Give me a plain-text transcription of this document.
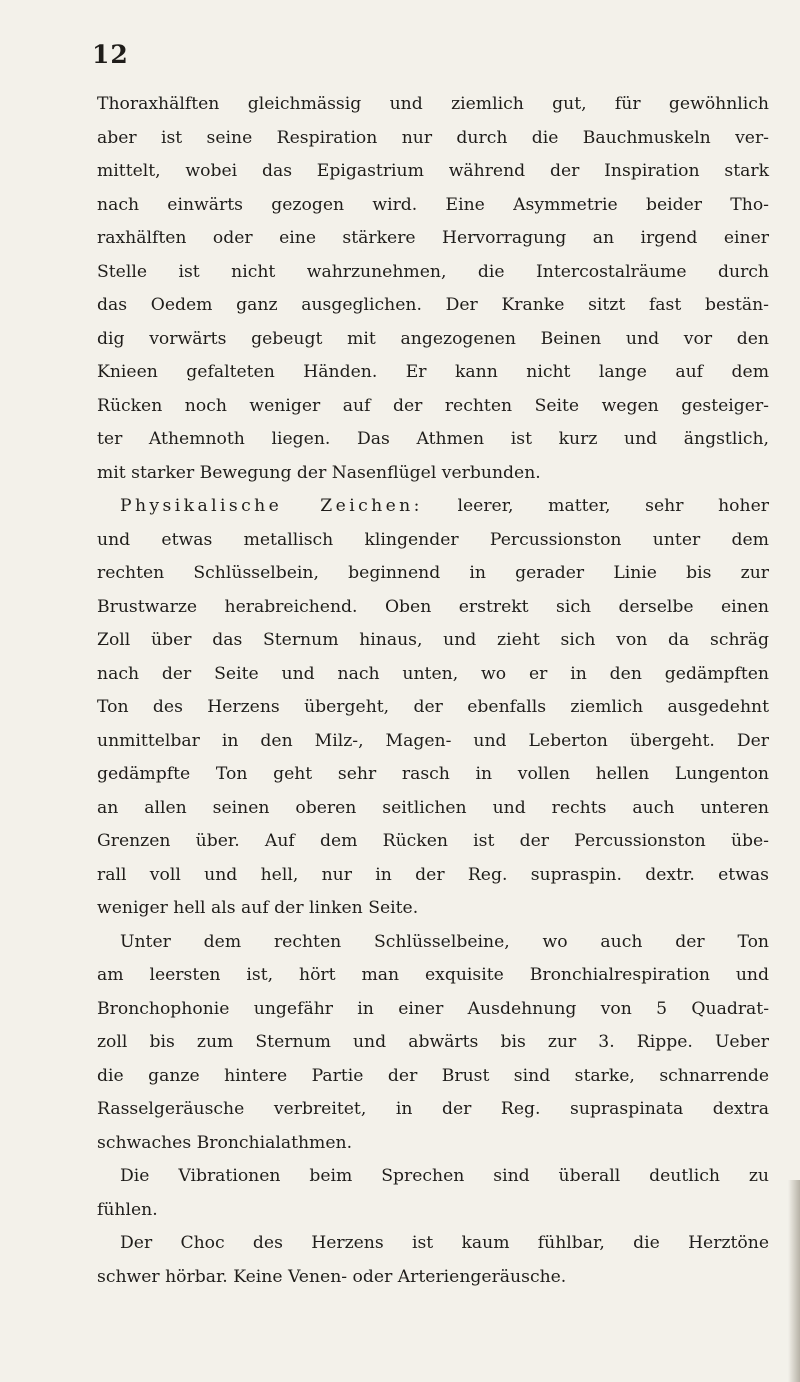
12
Thoraxhälften gleichmässig und ziemlich gut, für gewöhnlich
aber ist seine Respiration nur durch die Bauchmuskeln ver-
mittelt, wobei das Epigastrium während der Inspiration stark
nach einwärts gezogen wird. Eine Asymmetrie beider Tho-
raxhälften oder eine stärkere Hervorragung an irgend einer
Stelle ist nicht wahrzunehmen, die Intercostalräume durch
das Oedem ganz ausgeglichen. Der Kranke sitzt fast bestän-
dig vorwärts gebeugt mit angezogenen Beinen und vor den
Knieen gefalteten Händen. Er kann nicht lange auf dem
Rücken noch weniger auf der rechten Seite wegen gesteiger-
ter Athemnoth liegen. Das Athmen ist kurz und ängstlich,
mit starker Bewegung der Nasenflügel verbunden.
Physikalische Zeichen: leerer, matter, sehr hoher
und etwas metallisch klingender Percussionston unter dem
rechten Schlüsselbein, beginnend in gerader Linie bis zur
Brustwarze herabreichend. Oben erstrekt sich derselbe einen
Zoll über das Sternum hinaus, und zieht sich von da schräg
nach der Seite und nach unten, wo er in den gedämpften
Ton des Herzens übergeht, der ebenfalls ziemlich ausgedehnt
unmittelbar in den Milz-, Magen- und Leberton übergeht. Der
gedämpfte Ton geht sehr rasch in vollen hellen Lungenton
an allen seinen oberen seitlichen und rechts auch unteren
Grenzen über. Auf dem Rücken ist der Percussionston übe-
rall voll und hell, nur in der Reg. supraspin. dextr. etwas
weniger hell als auf der linken Seite.
Unter dem rechten Schlüsselbeine, wo auch der Ton
am leersten ist, hört man exquisite Bronchialrespiration und
Bronchophonie ungefähr in einer Ausdehnung von 5 Quadrat-
zoll bis zum Sternum und abwärts bis zur 3. Rippe. Ueber
die ganze hintere Partie der Brust sind starke, schnarrende
Rasselgeräusche verbreitet, in der Reg. supraspinata dextra
schwaches Bronchialathmen.
Die Vibrationen beim Sprechen sind überall deutlich zu
fühlen.
Der Choc des Herzens ist kaum fühlbar, die Herztöne
schwer hörbar. Keine Venen- oder Arteriengeräusche.
